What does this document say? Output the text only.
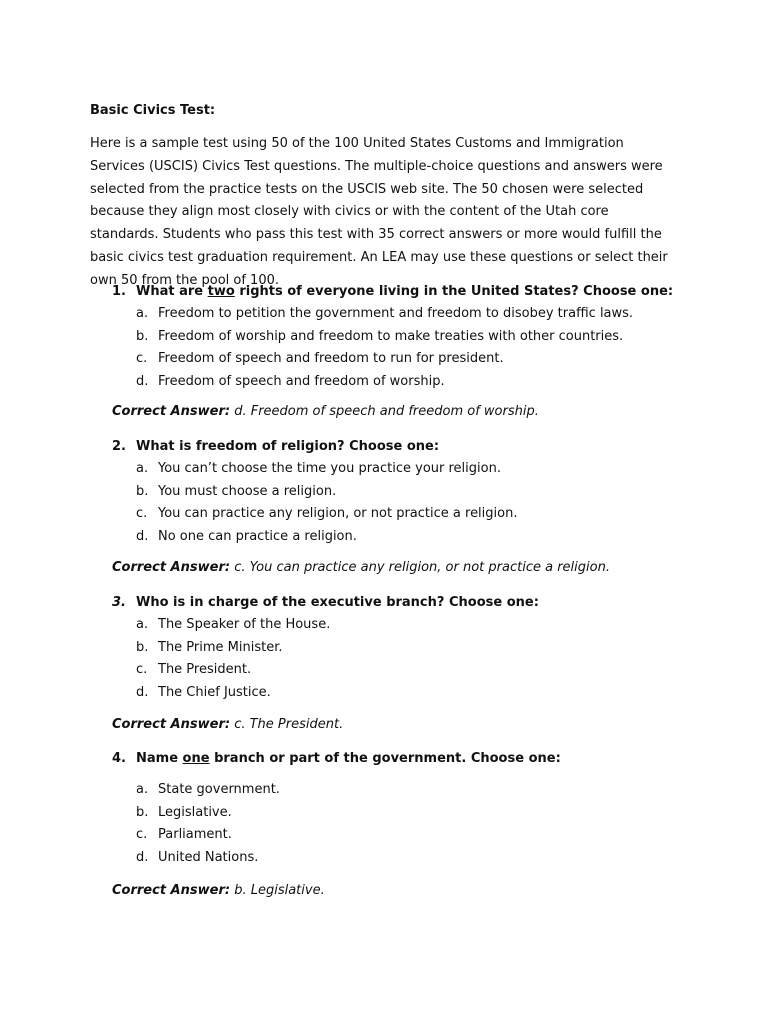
Basic Civics Test:
Here is a sample test using 50 of the 100 United States Customs and Immigration Services (USCIS) Civics Test questions. The multiple-choice questions and answers were selected from the practice tests on the USCIS web site. The 50 chosen were selected because they align most closely with civics or with the content of the Utah core standards. Students who pass this test with 35 correct answers or more would fulfill the basic civics test graduation requirement. An LEA may use these questions or select their own 50 from the pool of 100.
1. What are two rights of everyone living in the United States? Choose one:
a. Freedom to petition the government and freedom to disobey traffic laws.
b. Freedom of worship and freedom to make treaties with other countries.
c. Freedom of speech and freedom to run for president.
d. Freedom of speech and freedom of worship.
Correct Answer: d. Freedom of speech and freedom of worship.
2. What is freedom of religion? Choose one:
a. You can’t choose the time you practice your religion.
b. You must choose a religion.
c. You can practice any religion, or not practice a religion.
d. No one can practice a religion.
Correct Answer: c. You can practice any religion, or not practice a religion.
3. Who is in charge of the executive branch? Choose one:
a. The Speaker of the House.
b. The Prime Minister.
c. The President.
d. The Chief Justice.
Correct Answer: c. The President.
4. Name one branch or part of the government. Choose one:
a. State government.
b. Legislative.
c. Parliament.
d. United Nations.
Correct Answer: b. Legislative.
